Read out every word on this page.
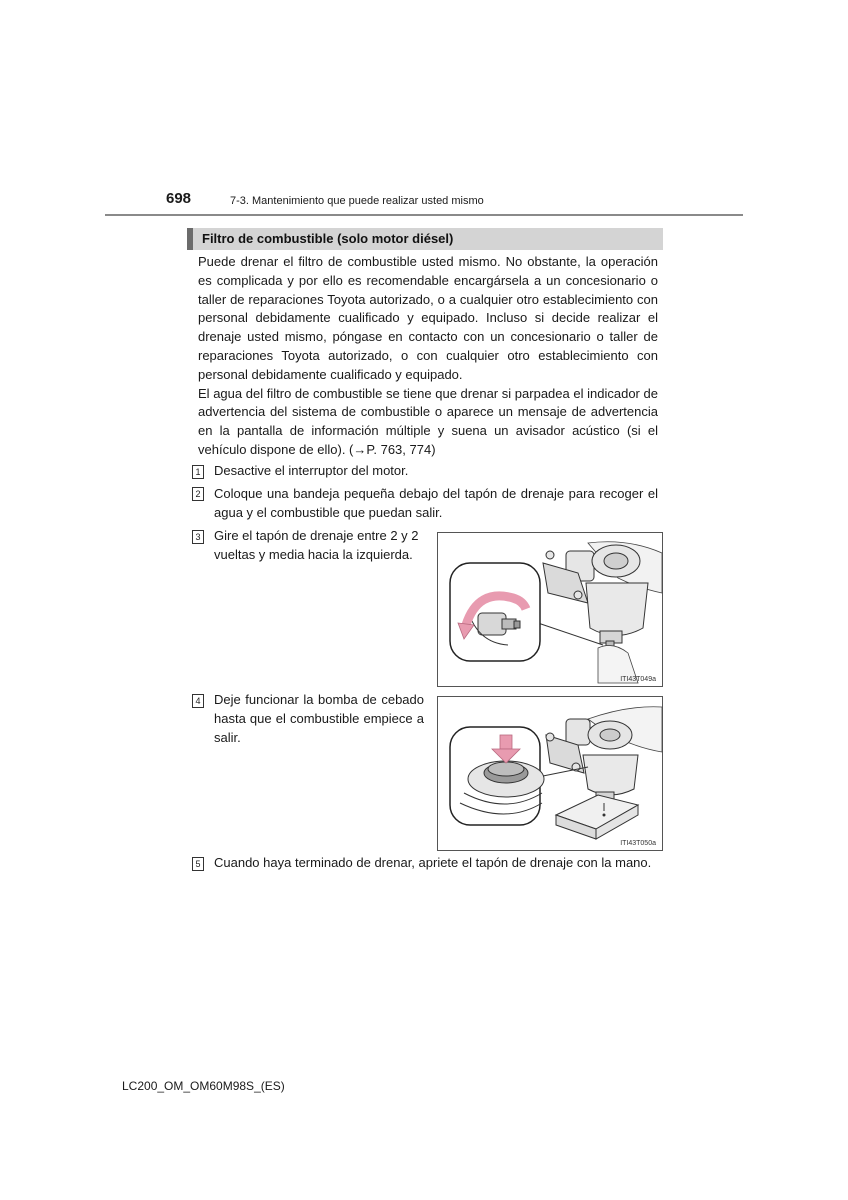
698	7-3. Mantenimiento que puede realizar usted mismo
Filtro de combustible (solo motor diésel)

Puede drenar el filtro de combustible usted mismo. No obstante, la operación es complicada y por ello es recomendable encargársela a un concesionario o taller de reparaciones Toyota autorizado, o a cualquier otro establecimiento con personal debidamente cualificado y equipado. Incluso si decide realizar el drenaje usted mismo, póngase en contacto con un concesionario o taller de reparaciones Toyota autorizado, o con cualquier otro establecimiento con personal debidamente cualificado y equipado.

El agua del filtro de combustible se tiene que drenar si parpadea el indicador de advertencia del sistema de combustible o aparece un mensaje de advertencia en la pantalla de información múltiple y suena un avisador acústico (si el vehículo dispone de ello). (→P. 763, 774)

1 Desactive el interruptor del motor.

2 Coloque una bandeja pequeña debajo del tapón de drenaje para recoger el agua y el combustible que puedan salir.

3 Gire el tapón de drenaje entre 2 y 2 vueltas y media hacia la izquierda.

ITI43T049a
4 Deje funcionar la bomba de cebado hasta que el combustible empiece a salir.

ITI43T050a
5 Cuando haya terminado de drenar, apriete el tapón de drenaje con la mano.

LC200_OM_OM60M98S_(ES)
